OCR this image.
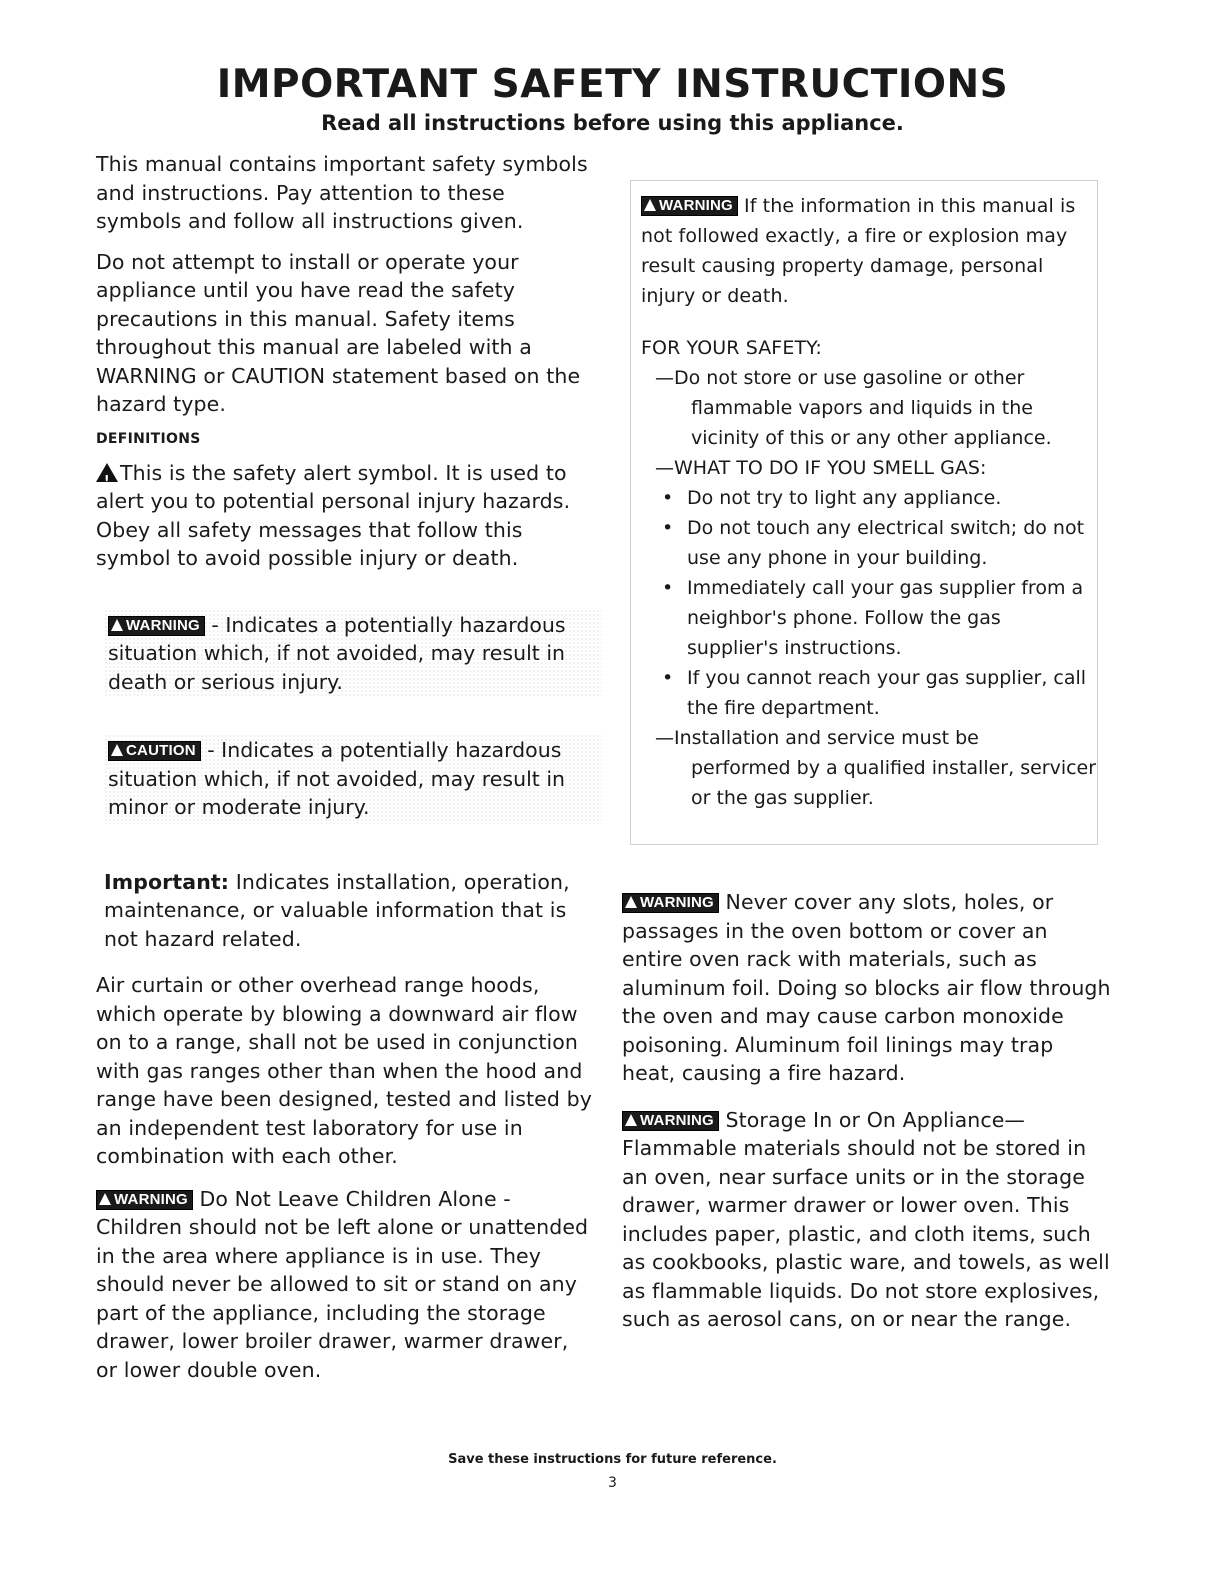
IMPORTANT SAFETY INSTRUCTIONS
Read all instructions before using this appliance.

This manual contains important safety symbols and instructions. Pay attention to these symbols and follow all instructions given.

Do not attempt to install or operate your appliance until you have read the safety precautions in this manual. Safety items throughout this manual are labeled with a WARNING or CAUTION statement based on the hazard type.

DEFINITIONS

!This is the safety alert symbol. It is used to alert you to potential personal injury hazards. Obey all safety messages that follow this symbol to avoid possible injury or death.

WARNING - Indicates a potentially hazardous situation which, if not avoided, may result in death or serious injury.
CAUTION - Indicates a potentially hazardous situation which, if not avoided, may result in minor or moderate injury.

Important: Indicates installation, operation, maintenance, or valuable information that is not hazard related.

Air curtain or other overhead range hoods, which operate by blowing a downward air flow on to a range, shall not be used in conjunction with gas ranges other than when the hood and range have been designed, tested and listed by an independent test laboratory for use in combination with each other.

WARNING Do Not Leave Children Alone - Children should not be left alone or unattended in the area where appliance is in use. They should never be allowed to sit or stand on any part of the appliance, including the storage drawer, lower broiler drawer, warmer drawer, or lower double oven.

WARNING If the information in this manual is not followed exactly, a fire or explosion may result causing property damage, personal injury or death.

FOR YOUR SAFETY:

—Do not store or use gasoline or other
flammable vapors and liquids in the vicinity of this or any other appliance.
—WHAT TO DO IF YOU SMELL GAS:
• Do not try to light any appliance.
• Do not touch any electrical switch; do not use any phone in your building.
• Immediately call your gas supplier from a neighbor's phone. Follow the gas supplier's instructions.
• If you cannot reach your gas supplier, call the fire department.
—Installation and service must be
performed by a qualified installer, servicer or the gas supplier.

WARNING Never cover any slots, holes, or passages in the oven bottom or cover an entire oven rack with materials, such as aluminum foil. Doing so blocks air flow through the oven and may cause carbon monoxide poisoning. Aluminum foil linings may trap heat, causing a fire hazard.

WARNING Storage In or On Appliance—Flammable materials should not be stored in an oven, near surface units or in the storage drawer, warmer drawer or lower oven. This includes paper, plastic, and cloth items, such as cookbooks, plastic ware, and towels, as well as flammable liquids. Do not store explosives, such as aerosol cans, on or near the range.

Save these instructions for future reference.

3
